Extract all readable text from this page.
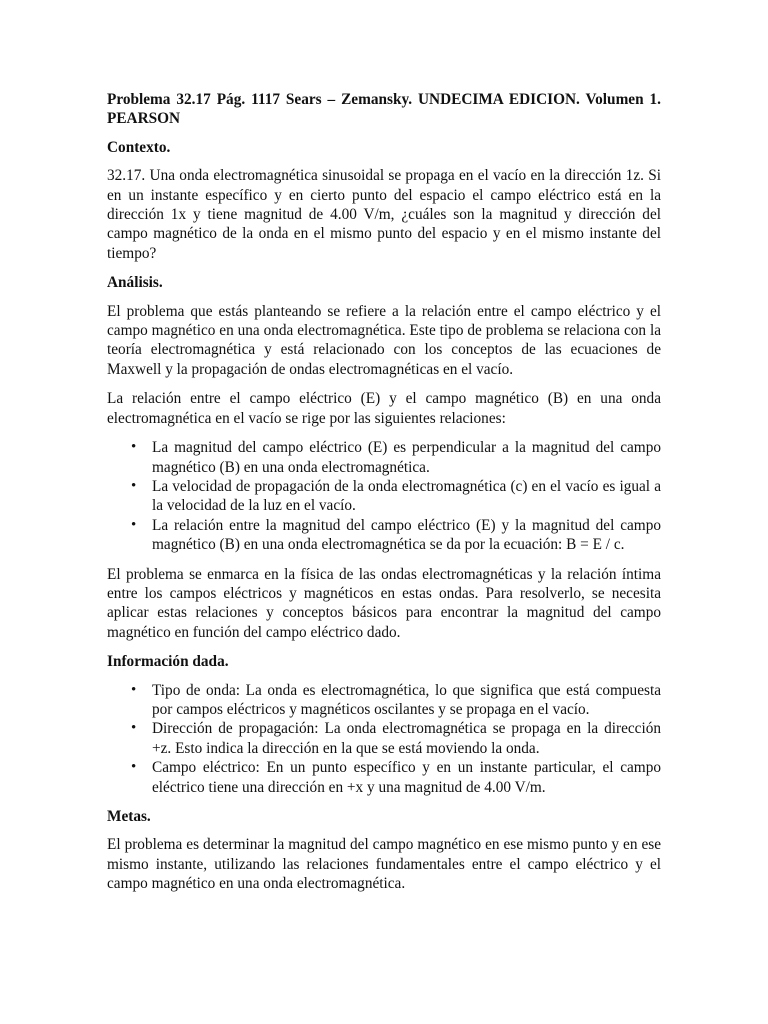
Problema 32.17 Pág. 1117 Sears – Zemansky. UNDECIMA EDICION. Volumen 1. PEARSON
Contexto.

32.17. Una onda electromagnética sinusoidal se propaga en el vacío en la dirección 1z. Si en un instante específico y en cierto punto del espacio el campo eléctrico está en la dirección 1x y tiene magnitud de 4.00 V/m, ¿cuáles son la magnitud y dirección del campo magnético de la onda en el mismo punto del espacio y en el mismo instante del tiempo?

Análisis.

El problema que estás planteando se refiere a la relación entre el campo eléctrico y el campo magnético en una onda electromagnética. Este tipo de problema se relaciona con la teoría electromagnética y está relacionado con los conceptos de las ecuaciones de Maxwell y la propagación de ondas electromagnéticas en el vacío.

La relación entre el campo eléctrico (E) y el campo magnético (B) en una onda electromagnética en el vacío se rige por las siguientes relaciones:

• La magnitud del campo eléctrico (E) es perpendicular a la magnitud del campo magnético (B) en una onda electromagnética.
• La velocidad de propagación de la onda electromagnética (c) en el vacío es igual a la velocidad de la luz en el vacío.
• La relación entre la magnitud del campo eléctrico (E) y la magnitud del campo magnético (B) en una onda electromagnética se da por la ecuación: B = E / c.

El problema se enmarca en la física de las ondas electromagnéticas y la relación íntima entre los campos eléctricos y magnéticos en estas ondas. Para resolverlo, se necesita aplicar estas relaciones y conceptos básicos para encontrar la magnitud del campo magnético en función del campo eléctrico dado.

Información dada.
• Tipo de onda: La onda es electromagnética, lo que significa que está compuesta por campos eléctricos y magnéticos oscilantes y se propaga en el vacío.
• Dirección de propagación: La onda electromagnética se propaga en la dirección +z. Esto indica la dirección en la que se está moviendo la onda.
• Campo eléctrico: En un punto específico y en un instante particular, el campo eléctrico tiene una dirección en +x y una magnitud de 4.00 V/m.
Metas.

El problema es determinar la magnitud del campo magnético en ese mismo punto y en ese mismo instante, utilizando las relaciones fundamentales entre el campo eléctrico y el campo magnético en una onda electromagnética.
